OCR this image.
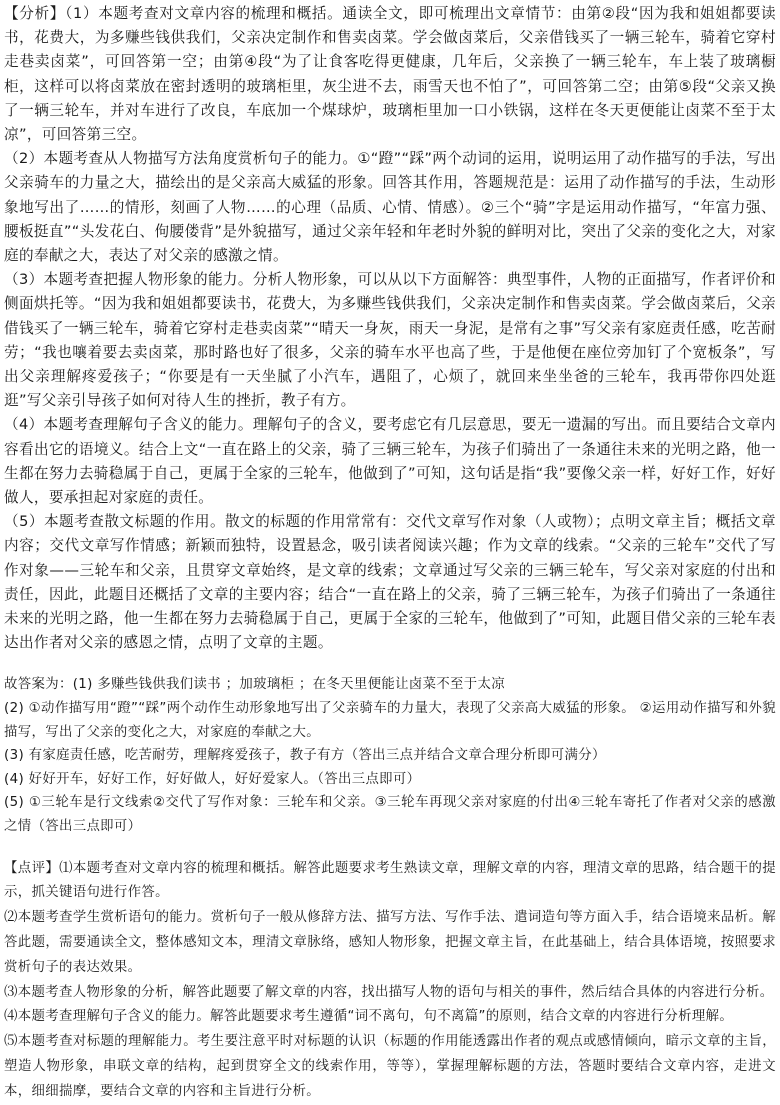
【分析】（1）本题考查对文章内容的梳理和概括。通读全文，即可梳理出文章情节：由第②段“因为我和姐姐都要读书，花费大，为多赚些钱供我们，父亲决定制作和售卖卤菜。学会做卤菜后，父亲借钱买了一辆三轮车，骑着它穿村走巷卖卤菜”，可回答第一空；由第④段“为了让食客吃得更健康，几年后，父亲换了一辆三轮车，车上装了玻璃橱柜，这样可以将卤菜放在密封透明的玻璃柜里，灰尘进不去，雨雪天也不怕了”，可回答第二空；由第⑤段“父亲又换了一辆三轮车，并对车进行了改良，车底加一个煤球炉，玻璃柜里加一口小铁锅，这样在冬天更便能让卤菜不至于太凉”，可回答第三空。

（2）本题考查从人物描写方法角度赏析句子的能力。①“蹬”“踩”两个动词的运用，说明运用了动作描写的手法，写出父亲骑车的力量之大，描绘出的是父亲高大威猛的形象。回答其作用，答题规范是：运用了动作描写的手法，生动形象地写出了……的情形，刻画了人物……的心理（品质、心情、情感）。②三个“骑”字是运用动作描写，“年富力强、腰板挺直”“头发花白、佝腰偻背”是外貌描写，通过父亲年轻和年老时外貌的鲜明对比，突出了父亲的变化之大，对家庭的奉献之大，表达了对父亲的感激之情。

（3）本题考查把握人物形象的能力。分析人物形象，可以从以下方面解答：典型事件，人物的正面描写，作者评价和侧面烘托等。“因为我和姐姐都要读书，花费大，为多赚些钱供我们，父亲决定制作和售卖卤菜。学会做卤菜后，父亲借钱买了一辆三轮车，骑着它穿村走巷卖卤菜”“晴天一身灰，雨天一身泥，是常有之事”写父亲有家庭责任感，吃苦耐劳；“我也嚷着要去卖卤菜，那时路也好了很多，父亲的骑车水平也高了些，于是他便在座位旁加钉了个宽板条”，写出父亲理解疼爱孩子；“你要是有一天坐腻了小汽车，遇阻了，心烦了，就回来坐坐爸的三轮车，我再带你四处逛逛”写父亲引导孩子如何对待人生的挫折，教子有方。

（4）本题考查理解句子含义的能力。理解句子的含义，要考虑它有几层意思，要无一遗漏的写出。而且要结合文章内容看出它的语境义。结合上文“一直在路上的父亲，骑了三辆三轮车，为孩子们骑出了一条通往未来的光明之路，他一生都在努力去骑稳属于自己，更属于全家的三轮车，他做到了”可知，这句话是指“我”要像父亲一样，好好工作，好好做人，要承担起对家庭的责任。

（5）本题考查散文标题的作用。散文的标题的作用常常有：交代文章写作对象（人或物）；点明文章主旨；概括文章内容；交代文章写作情感；新颖而独特，设置悬念，吸引读者阅读兴趣；作为文章的线索。“父亲的三轮车”交代了写作对象——三轮车和父亲，且贯穿文章始终，是文章的线索；文章通过写父亲的三辆三轮车，写父亲对家庭的付出和责任，因此，此题目还概括了文章的主要内容；结合“一直在路上的父亲，骑了三辆三轮车，为孩子们骑出了一条通往未来的光明之路，他一生都在努力去骑稳属于自己，更属于全家的三轮车，他做到了”可知，此题目借父亲的三轮车表达出作者对父亲的感恩之情，点明了文章的主题。

故答案为：(1) 多赚些钱供我们读书 ；加玻璃柜 ；在冬天里便能让卤菜不至于太凉

(2) ①动作描写用“蹬”“踩”两个动作生动形象地写出了父亲骑车的力量大，表现了父亲高大威猛的形象。 ②运用动作描写和外貌描写，写出了父亲的变化之大，对家庭的奉献之大。

(3) 有家庭责任感，吃苦耐劳，理解疼爱孩子，教子有方（答出三点并结合文章合理分析即可满分）

(4) 好好开车，好好工作，好好做人，好好爱家人。（答出三点即可）

(5) ①三轮车是行文线索②交代了写作对象：三轮车和父亲。③三轮车再现父亲对家庭的付出④三轮车寄托了作者对父亲的感激之情（答出三点即可）

【点评】⑴本题考查对文章内容的梳理和概括。解答此题要求考生熟读文章，理解文章的内容，理清文章的思路，结合题干的提示，抓关键语句进行作答。

⑵本题考查学生赏析语句的能力。赏析句子一般从修辞方法、描写方法、写作手法、遣词造句等方面入手，结合语境来品析。解答此题，需要通读全文，整体感知文本，理清文章脉络，感知人物形象，把握文章主旨，在此基础上，结合具体语境，按照要求赏析句子的表达效果。

⑶本题考查人物形象的分析，解答此题要了解文章的内容，找出描写人物的语句与相关的事件，然后结合具体的内容进行分析。

⑷本题考查理解句子含义的能力。解答此题要求考生遵循“词不离句，句不离篇”的原则，结合文章的内容进行分析理解。

⑸本题考查对标题的理解能力。考生要注意平时对标题的认识（标题的作用能透露出作者的观点或感情倾向，暗示文章的主旨，塑造人物形象，串联文章的结构，起到贯穿全文的线索作用，等等），掌握理解标题的方法，答题时要结合文章内容，走进文本，细细揣摩，要结合文章的内容和主旨进行分析。
